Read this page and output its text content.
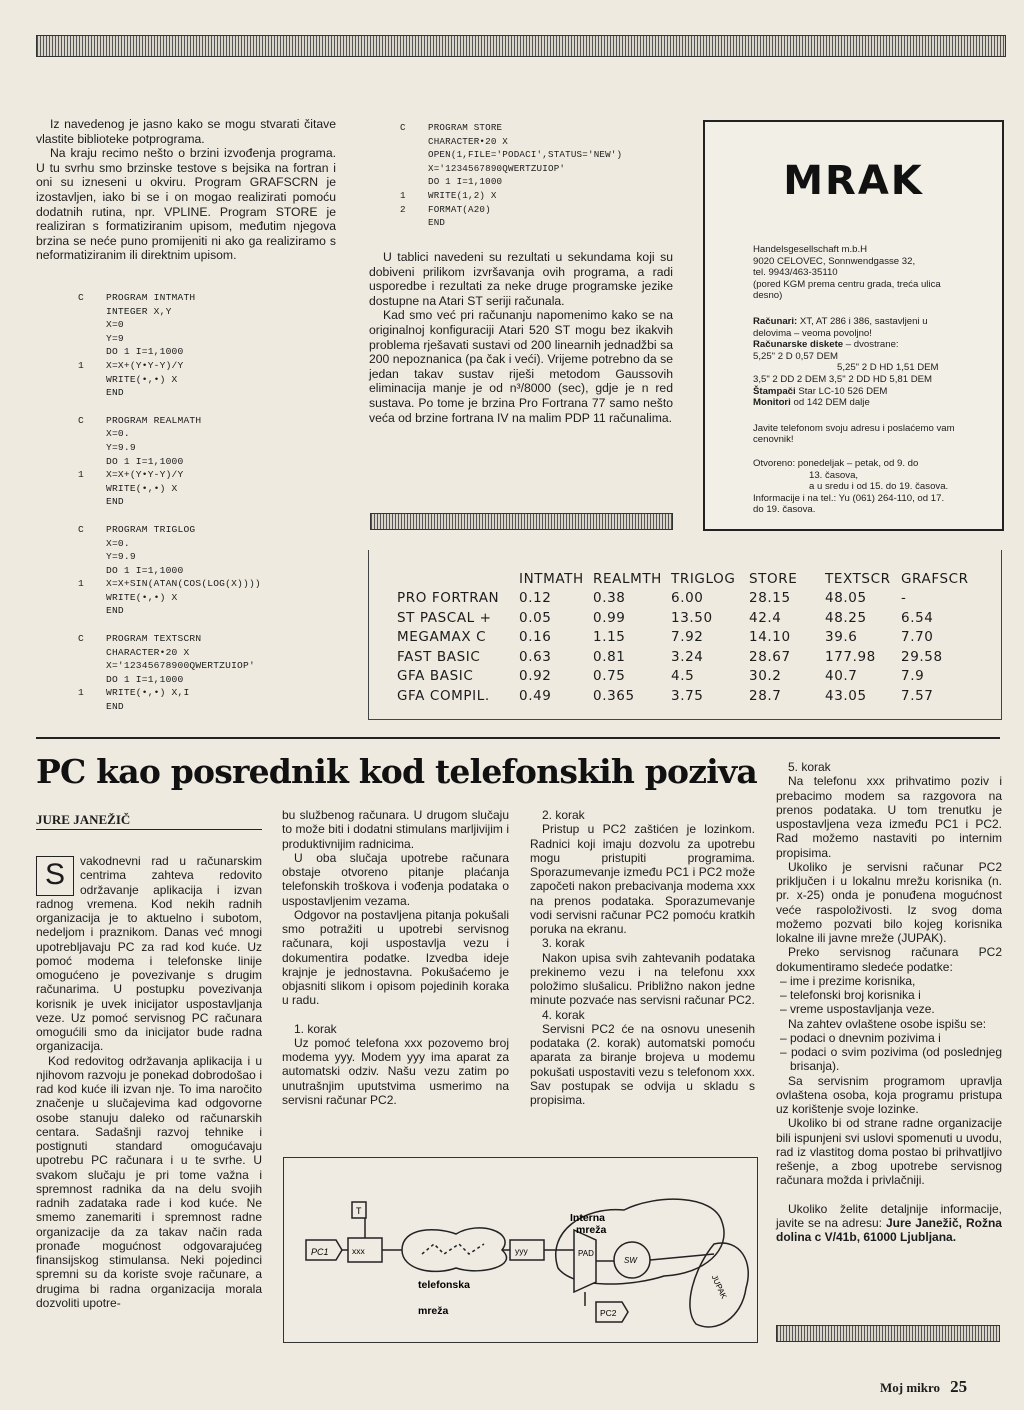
Iz navedenog je jasno kako se mogu stvarati čitave vlastite biblioteke potprograma.

Na kraju recimo nešto o brzini izvođenja programa. U tu svrhu smo brzinske testove s bejsika na fortran i oni su izneseni u okviru. Program GRAFSCRN je izostavljen, iako bi se i on mogao realizirati pomoću dodatnih rutina, npr. VPLINE. Program STORE je realiziran s formatiziranim upisom, međutim njegova brzina se neće puno promijeniti ni ako ga realiziramo s neformatiziranim ili direktnim upisom.

C	PROGRAM INTMATH
INTEGER X,Y
X=0
Y=9
DO 1 I=1,1000
1	X=X+(Y•Y-Y)/Y
WRITE(•,•) X
END
C	PROGRAM REALMATH
X=0.
Y=9.9
DO 1 I=1,1000
1	X=X+(Y•Y-Y)/Y
WRITE(•,•) X
END
C	PROGRAM TRIGLOG
X=0.
Y=9.9
DO 1 I=1,1000
1	X=X+SIN(ATAN(COS(LOG(X))))
WRITE(•,•) X
END
C	PROGRAM TEXTSCRN
CHARACTER•20 X
X='12345678900QWERTZUIOP'
DO 1 I=1,1000
1	WRITE(•,•) X,I
END
C	PROGRAM STORE
CHARACTER•20 X
OPEN(1,FILE='PODACI',STATUS='NEW')
X='1234567890QWERTZUIOP'
DO 1 I=1,1000
1	WRITE(1,2) X
2	FORMAT(A20)
END

U tablici navedeni su rezultati u sekundama koji su dobiveni prilikom izvršavanja ovih programa, a radi usporedbe i rezultati za neke druge programske jezike dostupne na Atari ST seriji računala.

Kad smo već pri računanju napomenimo kako se na originalnoj konfiguraciji Atari 520 ST mogu bez ikakvih problema rješavati sustavi od 200 linearnih jednadžbi sa 200 nepoznanica (pa čak i veći). Vrijeme potrebno da se jedan takav sustav riješi metodom Gaussovih eliminacija manje je od n³/8000 (sec), gdje je n red sustava. Po tome je brzina Pro Fortrana 77 samo nešto veća od brzine fortrana IV na malim PDP 11 računalima.

MRAK
Handelsgesellschaft m.b.H
9020 CELOVEC, Sonnwendgasse 32,
tel. 9943/463-35110
(pored KGM prema centru grada, treća ulica desno)
Računari: XT, AT 286 i 386, sastavljeni u delovima – veoma povoljno!
Računarske diskete – dvostrane:
5,25" 2 D 0,57 DEM
5,25" 2 D HD 1,51 DEM
3,5" 2 DD 2 DEM 3,5" 2 DD HD 5,81 DEM
Štampači Star LC-10 526 DEM
Monitori od 142 DEM dalje
Javite telefonom svoju adresu i poslaćemo vam cenovnik!
Otvoreno: ponedeljak – petak, od 9. do
13. časova,
a u sredu i od 15. do 19. časova.
Informacije i na tel.: Yu (061) 264-110, od 17. do 19. časova.
	INTMATH	REALMTH	TRIGLOG	STORE	TEXTSCR	GRAFSCR
PRO FORTRAN	0.12	0.38	6.00	28.15	48.05	-
ST PASCAL +	0.05	0.99	13.50	42.4	48.25	6.54
MEGAMAX C	0.16	1.15	7.92	14.10	39.6	7.70
FAST BASIC	0.63	0.81	3.24	28.67	177.98	29.58
GFA BASIC	0.92	0.75	4.5	30.2	40.7	7.9
GFA COMPIL.	0.49	0.365	3.75	28.7	43.05	7.57
PC kao posrednik kod telefonskih poziva
JURE JANEŽIČ
S	vakodnevni rad u računarskim centrima zahteva redovito održavanje aplikacija i izvan radnog vremena. Kod nekih radnih organizacija je to aktuelno i subotom, nedeljom i praznikom. Danas već mnogi upotrebljavaju PC za rad kod kuće. Uz pomoć modema i telefonske linije omogućeno je povezivanje s drugim računarima. U postupku povezivanja korisnik je uvek inicijator uspostavljanja veze. Uz pomoć servisnog PC računara omogućili smo da inicijator bude radna organizacija.

Kod redovitog održavanja aplikacija i u njihovom razvoju je ponekad dobrodošao i rad kod kuće ili izvan nje. To ima naročito značenje u slučajevima kad odgovorne osobe stanuju daleko od računarskih centara. Sadašnji razvoj tehnike i postignuti standard omogućavaju upotrebu PC računara i u te svrhe. U svakom slučaju je pri tome važna i spremnost radnika da na delu svojih radnih zadataka rade i kod kuće. Ne smemo zanemariti i spremnost radne organizacije da za takav način rada pronađe mogućnost odgovarajućeg finansijskog stimulansa. Neki pojedinci spremni su da koriste svoje računare, a drugima bi radna organizacija morala dozvoliti upotre-

bu službenog računara. U drugom slučaju to može biti i dodatni stimulans marljivijim i produktivnijim radnicima.

U oba slučaja upotrebe računara obstaje otvoreno pitanje plaćanja telefonskih troškova i vođenja podataka o uspostavljenim vezama.

Odgovor na postavljena pitanja pokušali smo potražiti u upotrebi servisnog računara, koji uspostavlja vezu i dokumentira podatke. Izvedba ideje krajnje je jednostavna. Pokušaćemo je objasniti slikom i opisom pojedinih koraka u radu.

1. korak

Uz pomoć telefona xxx pozovemo broj modema yyy. Modem yyy ima aparat za automatski odziv. Našu vezu zatim po unutrašnjim uputstvima usmerimo na servisni računar PC2.

2. korak

Pristup u PC2 zaštićen je lozinkom. Radnici koji imaju dozvolu za upotrebu mogu pristupiti programima. Sporazumevanje između PC1 i PC2 može započeti nakon prebacivanja modema xxx na prenos podataka. Sporazumevanje vodi servisni računar PC2 pomoću kratkih poruka na ekranu.

3. korak

Nakon upisa svih zahtevanih podataka prekinemo vezu i na telefonu xxx položimo slušalicu. Približno nakon jedne minute pozvaće nas servisni računar PC2.

4. korak

Servisni PC2 će na osnovu unesenih podataka (2. korak) automatski pomoću aparata za biranje brojeva u modemu pokušati uspostaviti vezu s telefonom xxx. Sav postupak se odvija u skladu s propisima.

5. korak

Na telefonu xxx prihvatimo poziv i prebacimo modem sa razgovora na prenos podataka. U tom trenutku je uspostavljena veza između PC1 i PC2. Rad možemo nastaviti po internim propisima.

Ukoliko je servisni računar PC2 priključen i u lokalnu mrežu korisnika (n. pr. x-25) onda je ponuđena mogućnost veće raspoloživosti. Iz svog doma možemo pozvati bilo kojeg korisnika lokalne ili javne mreže (JUPAK).

Preko servisnog računara PC2 dokumentiramo sledeće podatke:

– ime i prezime korisnika,
– telefonski broj korisnika i
– vreme uspostavljanja veze.

Na zahtev ovlaštene osobe ispišu se:

– podaci o dnevnim pozivima i
– podaci o svim pozivima (od poslednjeg brisanja).

Sa servisnim programom upravlja ovlaštena osoba, koja programu pristupa uz korištenje svoje lozinke.

Ukoliko bi od strane radne organizacije bili ispunjeni svi uslovi spomenuti u uvodu, rad iz vlastitog doma postao bi prihvatljivo rešenje, a zbog upotrebe servisnog računara moždа i privlačniji.

Ukoliko želite detaljnije informacije, javite se na adresu: Jure Janežič, Rožna dolina c V/41b, 61000 Ljubljana.

PC1	xxx
T
yyy	PAD
SW
PC2
Interna
mreža
telefonska
mreža
JUPAK
Moj mikro 25
